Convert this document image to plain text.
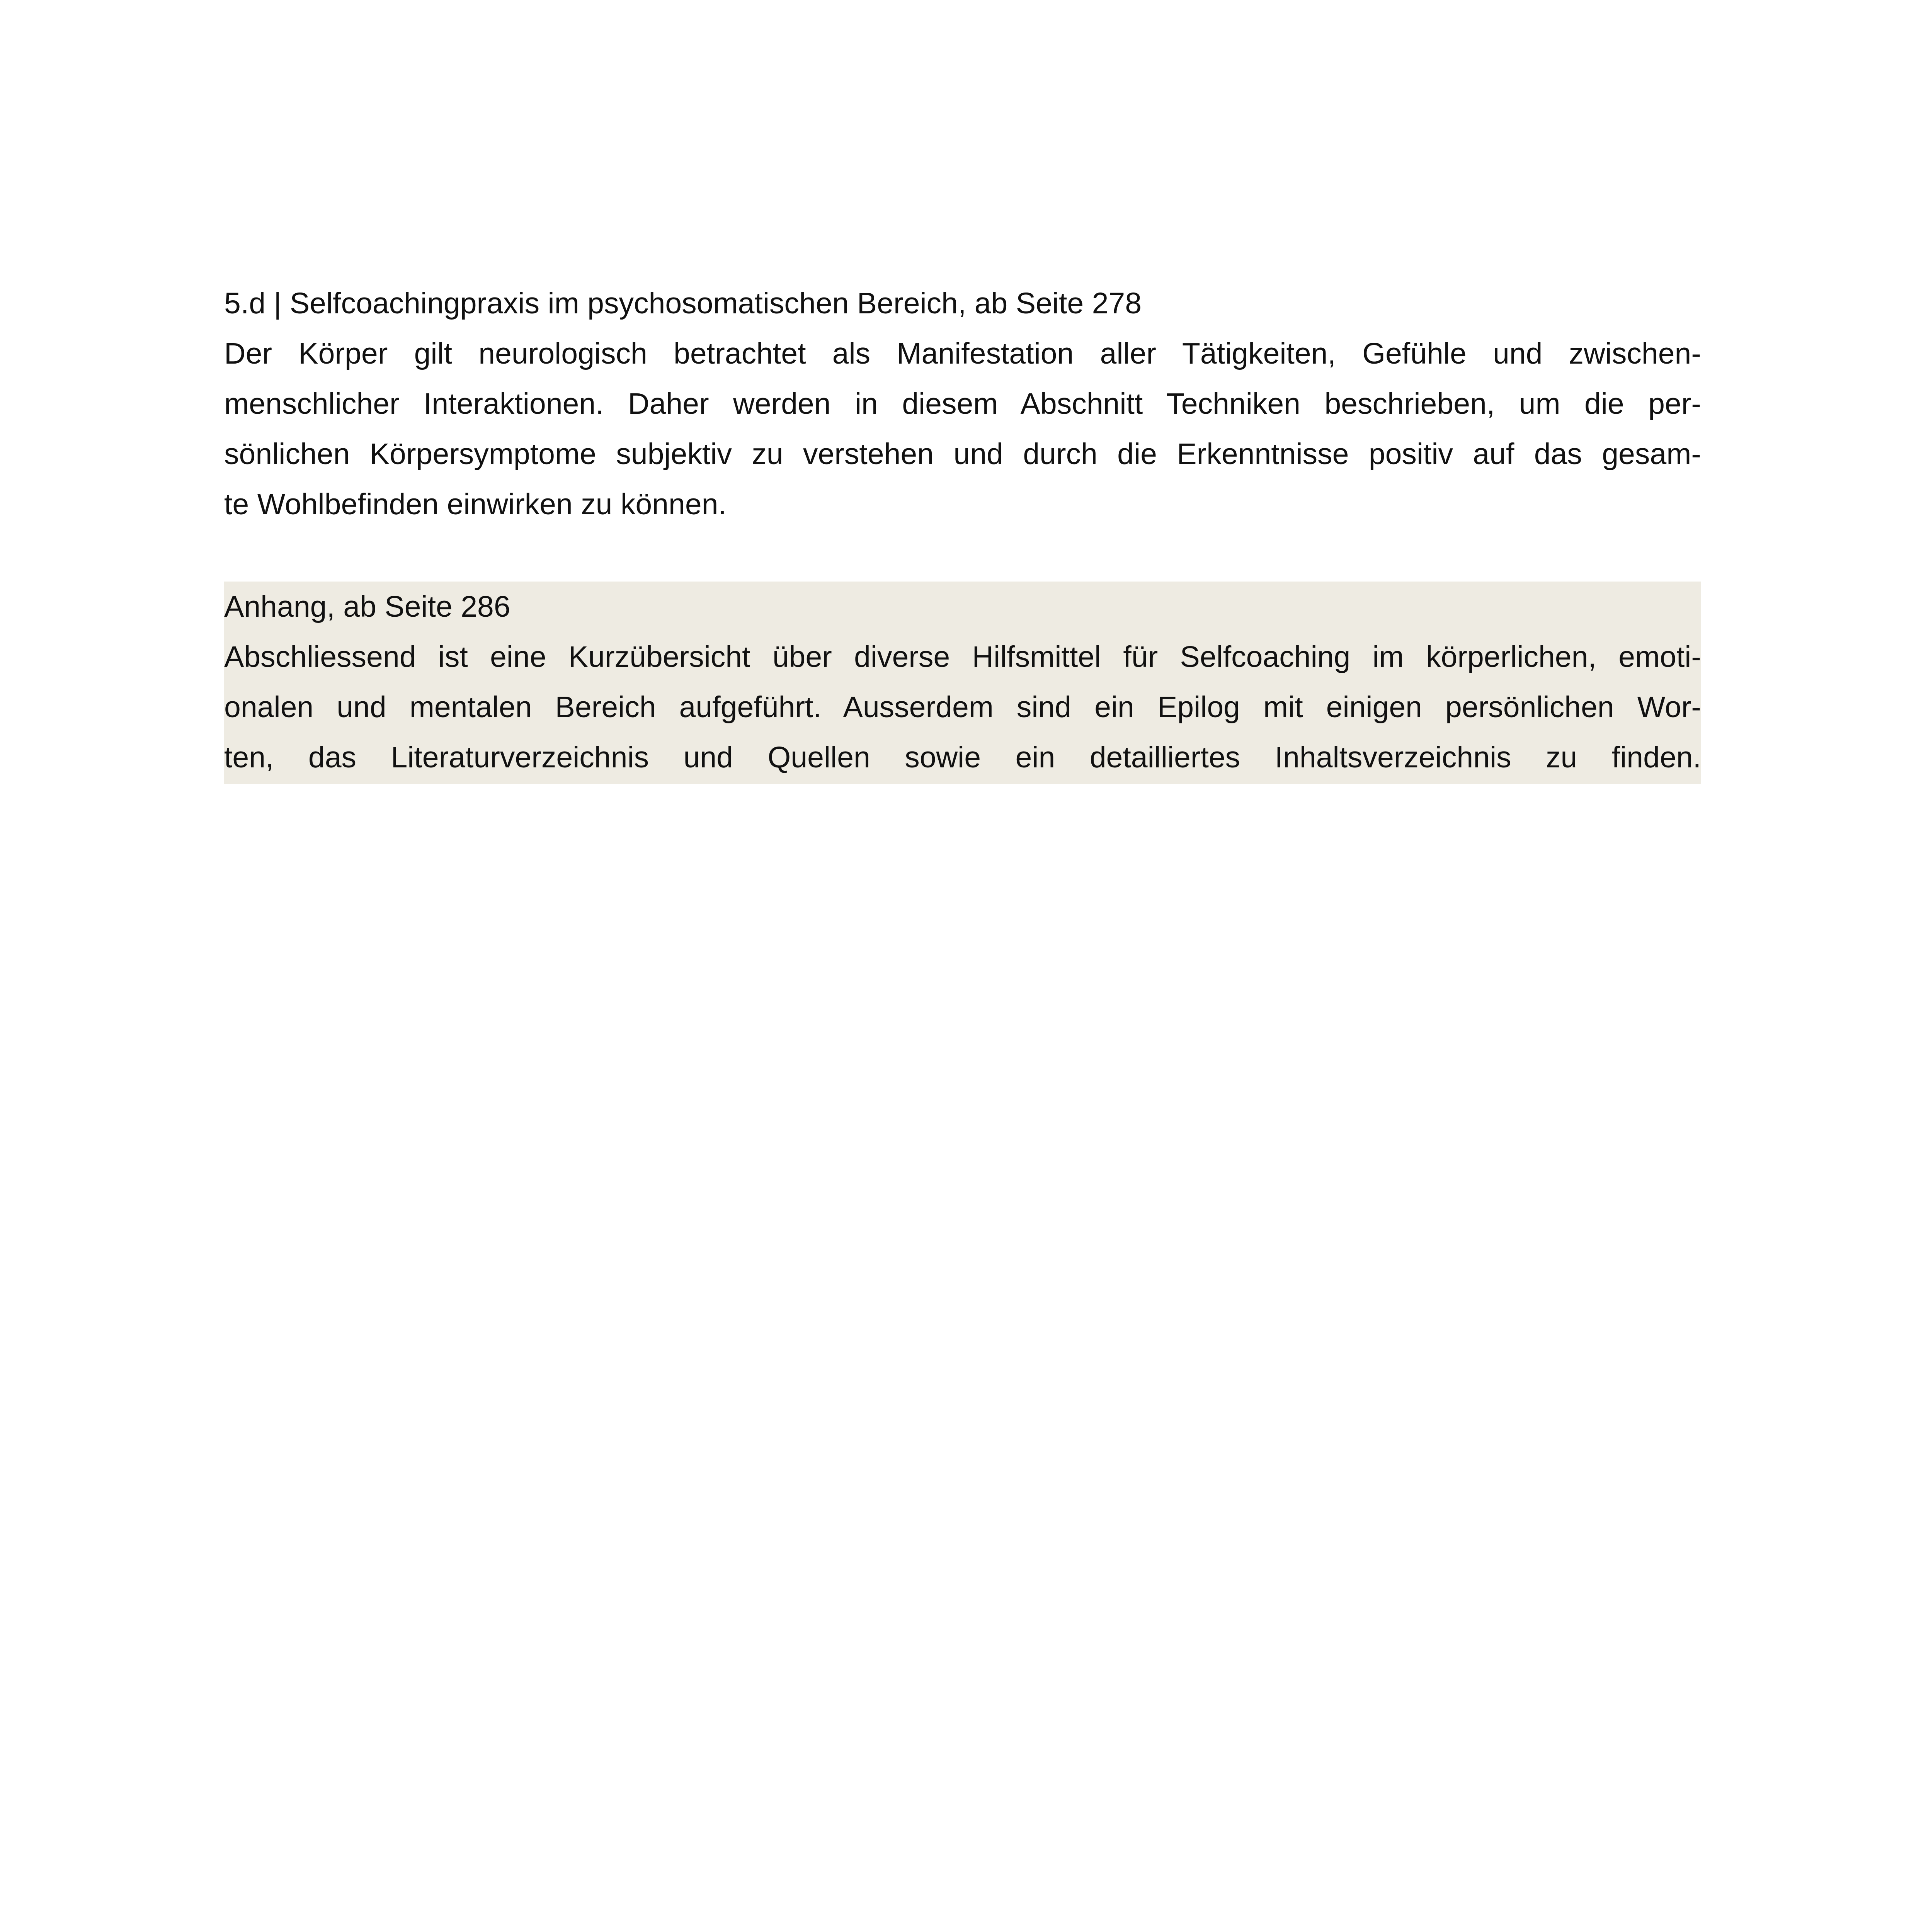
5.d | Selfcoachingpraxis im psychosomatischen Bereich, ab Seite 278
Der Körper gilt neurologisch betrachtet als Manifestation aller Tätigkeiten, Gefühle und zwischen-
menschlicher Interaktionen. Daher werden in diesem Abschnitt Techniken beschrieben, um die per-
sönlichen Körpersymptome subjektiv zu verstehen und durch die Erkenntnisse positiv auf das gesam-
te Wohlbefinden einwirken zu können.
Anhang, ab Seite 286
Abschliessend ist eine Kurzübersicht über diverse Hilfsmittel für Selfcoaching im körperlichen, emoti-
onalen und mentalen Bereich aufgeführt. Ausserdem sind ein Epilog mit einigen persönlichen Wor-
ten, das Literaturverzeichnis und Quellen sowie ein detailliertes Inhaltsverzeichnis zu finden.
